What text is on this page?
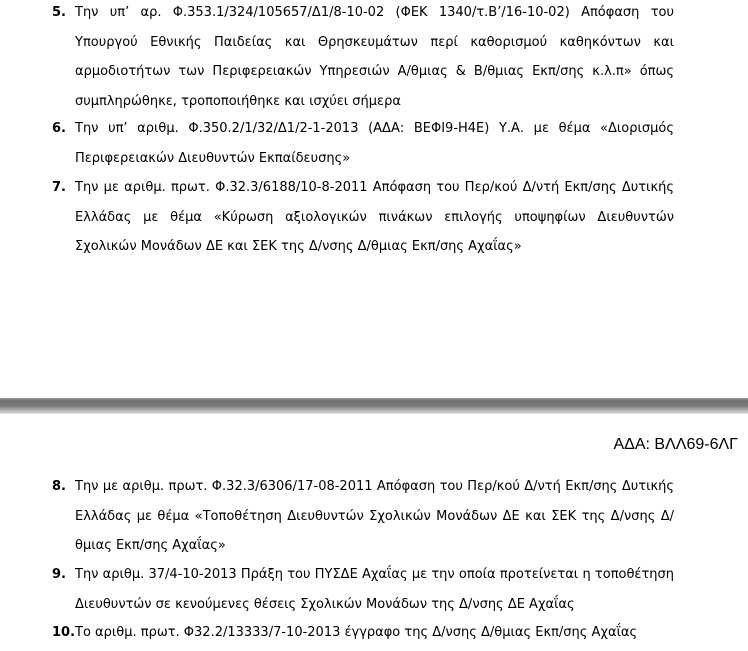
5. Την υπ’ αρ. Φ.353.1/324/105657/Δ1/8-10-02 (ΦΕΚ 1340/τ.Β’/16-10-02) Απόφαση του Υπουργού Εθνικής Παιδείας και Θρησκευμάτων περί καθορισμού καθηκόντων και αρμοδιοτήτων των Περιφερειακών Υπηρεσιών Α/θμιας & Β/θμιας Εκπ/σης κ.λ.π» όπως συμπληρώθηκε, τροποποιήθηκε και ισχύει σήμερα
6. Την υπ’ αριθμ. Φ.350.2/1/32/Δ1/2-1-2013 (ΑΔΑ: ΒΕΦΙ9-Η4Ε) Υ.Α. με θέμα «Διορισμός Περιφερειακών Διευθυντών Εκπαίδευσης»
7. Την με αριθμ. πρωτ. Φ.32.3/6188/10-8-2011 Απόφαση του Περ/κού Δ/ντή Εκπ/σης Δυτικής Ελλάδας με θέμα «Κύρωση αξιολογικών πινάκων επιλογής υποψηφίων Διευθυντών Σχολικών Μονάδων ΔΕ και ΣΕΚ της Δ/νσης Δ/θμιας Εκπ/σης Αχαΐας»
ΑΔΑ: ΒΛΛ69-6ΛΓ
8. Την με αριθμ. πρωτ. Φ.32.3/6306/17-08-2011 Απόφαση του Περ/κού Δ/ντή Εκπ/σης Δυτικής Ελλάδας με θέμα «Τοποθέτηση Διευθυντών Σχολικών Μονάδων ΔΕ και ΣΕΚ της Δ/νσης Δ/θμιας Εκπ/σης Αχαΐας»
9. Την αριθμ. 37/4-10-2013 Πράξη του ΠΥΣΔΕ Αχαΐας με την οποία προτείνεται η τοποθέτηση Διευθυντών σε κενούμενες θέσεις Σχολικών Μονάδων της Δ/νσης ΔΕ Αχαΐας
10. Το αριθμ. πρωτ. Φ32.2/13333/7-10-2013 έγγραφο της Δ/νσης Δ/θμιας Εκπ/σης Αχαΐας
